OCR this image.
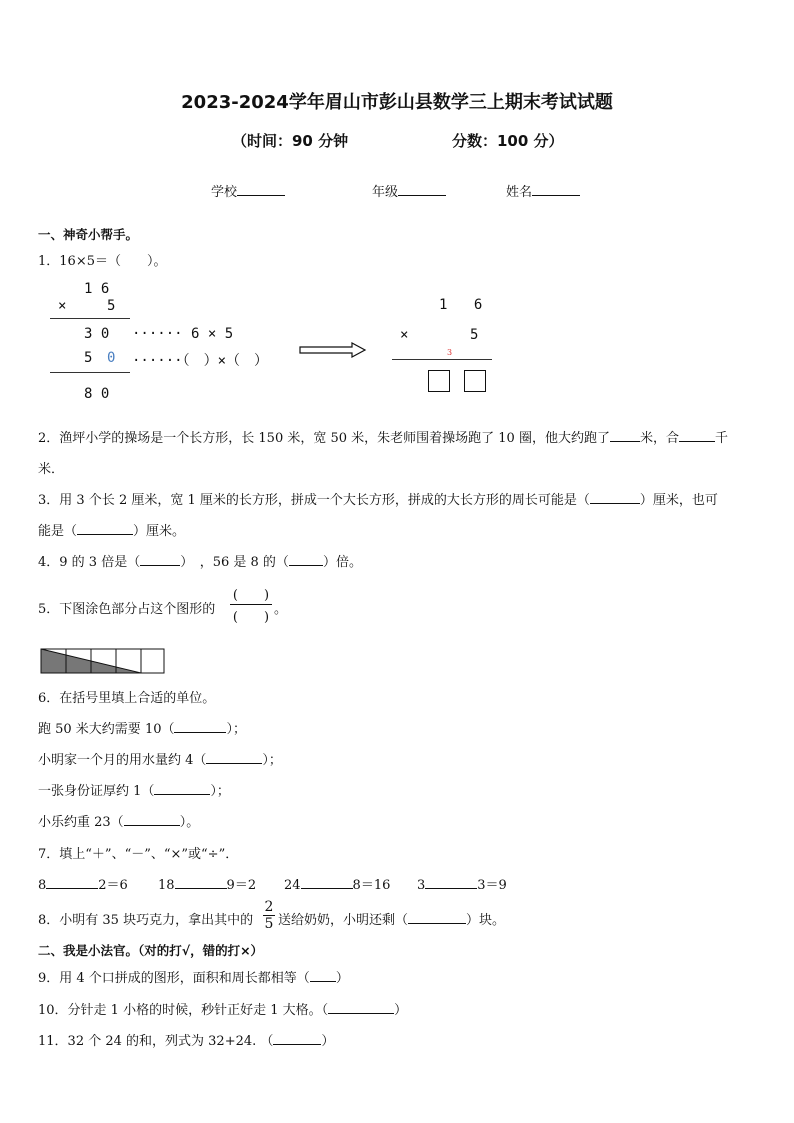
2023-2024学年眉山市彭山县数学三上期末考试试题
（时间：90 分钟	分数：100 分）
学校	年级	姓名
一、神奇小帮手。
1．16×5＝（　　）。
1 6
×	5
3 0 ······ 6 × 5
5 0 ······（　）×（　）
8 0
1 6
×	5
3
2．渔坪小学的操场是一个长方形，长 150 米，宽 50 米，朱老师围着操场跑了 10 圈，他大约跑了 米，合	千
米．
3．用 3 个长 2 厘米，宽 1 厘米的长方形，拼成一个大长方形，拼成的大长方形的周长可能是（	）厘米，也可
能是（	）厘米。
4．9 的 3 倍是（	）　，56 是 8 的（	）倍。
5．下图涂色部分占这个图形的
(　　)
(　　)
。
6．在括号里填上合适的单位。
跑 50 米大约需要 10（	）；
小明家一个月的用水量约 4（	）；
一张身份证厚约 1（	）；
小乐约重 23（	）。
7．填上“＋”、“－”、“×”或“÷”．
8	2＝6 18	9＝2 24	8＝16 3	3＝9
8．小明有 35 块巧克力，拿出其中的
2
5 送给奶奶，小明还剩（	）块。
二、我是小法官。（对的打√，错的打×）
9．用 4 个口拼成的图形，面积和周长都相等（ ）
10．分针走 1 小格的时候，秒针正好走 1 大格。（	）
11．32 个 24 的和，列式为 32+24. （	）
